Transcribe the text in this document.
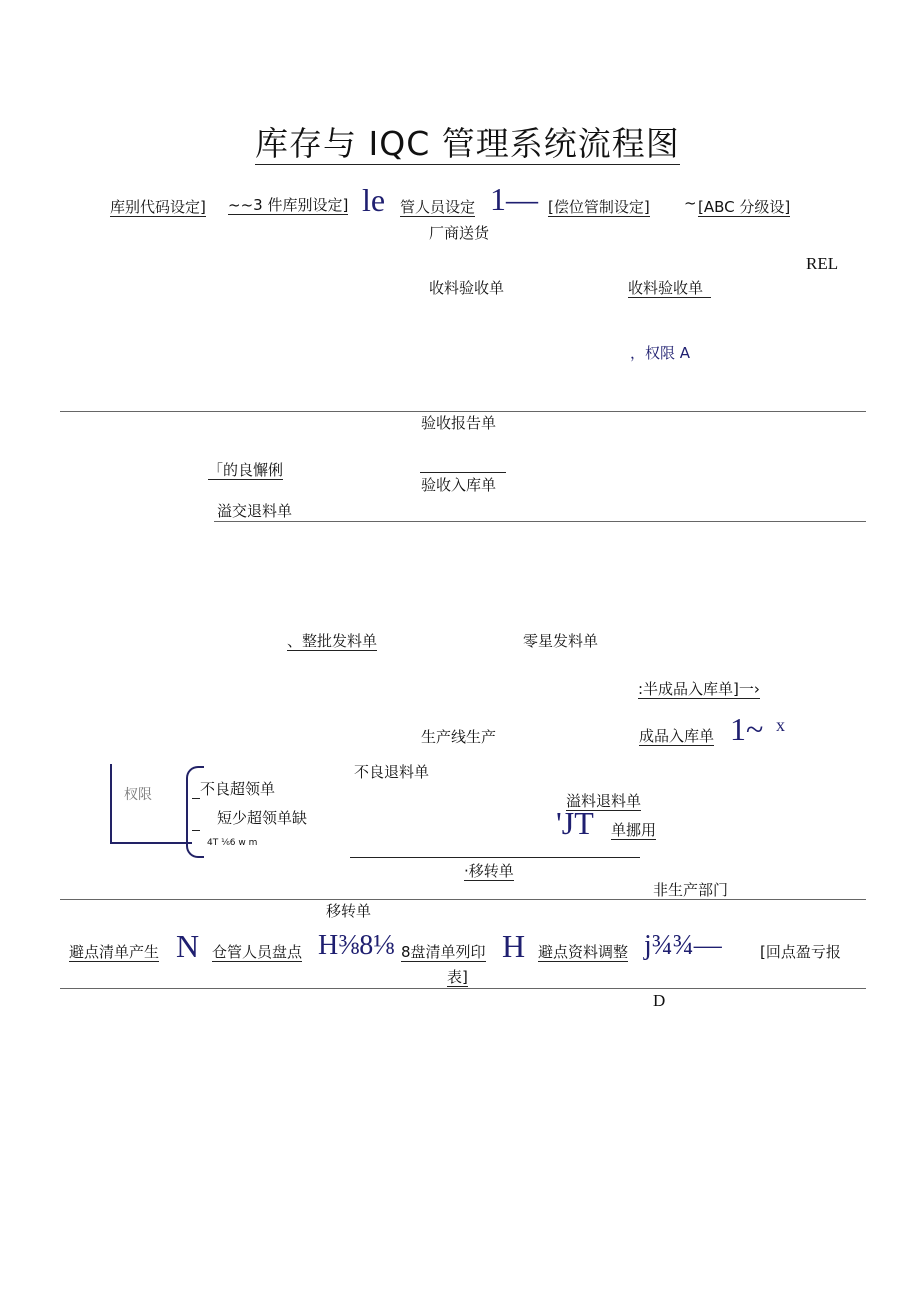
库存与 IQC 管理系统流程图
库别代码设定] ~~3 件库别设定] le 管人员设定 1— [偿位管制设定] ~ [ABC 分级设]
厂商送货
REL
收料验收单	收料验收单
，权限 A
验收报告单
「的良懈俐
验收入库单
溢交退料单
、整批发料单	零星发料单
:半成品入库单]一›
生产线生产	成品入库单 1~ x
不良退料单
杈限	不良超领单
短少超领单缺
4T ⅙6 w m
溢料退料单
'JT 单挪用
·移转单
非生产部门
移转单
避点清单产生 N 仓管人员盘点 H⅜8⅛ 8盘清单列印 H 避点资料调整 j¾¾—	[回点盈亏报
表]
D
